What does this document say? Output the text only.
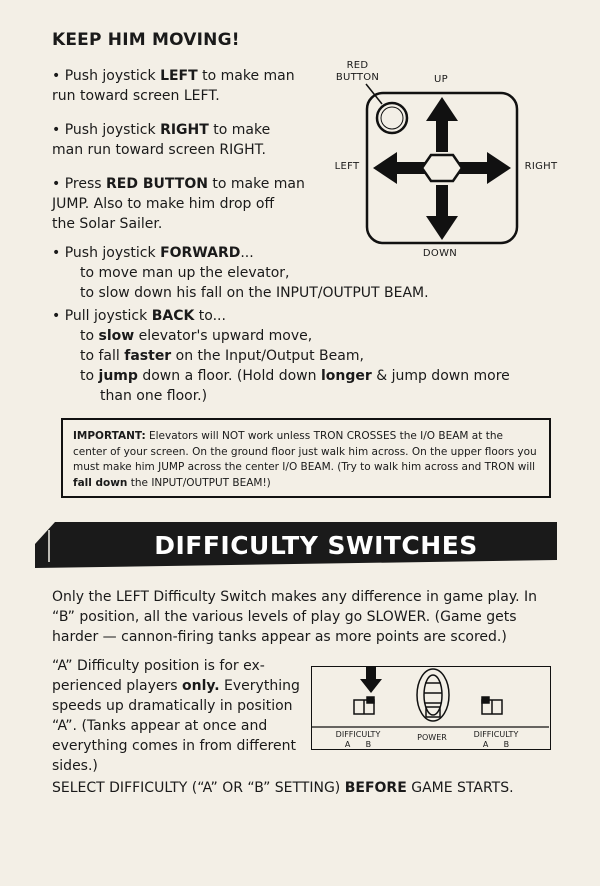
KEEP HIM MOVING!
• Push joystick LEFT to make man
run toward screen LEFT.
• Push joystick RIGHT to make
man run toward screen RIGHT.
• Press RED BUTTON to make man
JUMP. Also to make him drop off
the Solar Sailer.
• Push joystick FORWARD...
to move man up the elevator,
to slow down his fall on the INPUT/OUTPUT BEAM.
• Pull joystick BACK to...
to slow elevator's upward move,
to fall faster on the Input/Output Beam,
to jump down a floor. (Hold down longer & jump down more
than one floor.)
RED
BUTTON	UP
LEFT	RIGHT
DOWN
IMPORTANT: Elevators will NOT work unless TRON CROSSES the I/O BEAM at the center of your screen. On the ground floor just walk him across. On the upper floors you must make him JUMP across the center I/O BEAM. (Try to walk him across and TRON will fall down the INPUT/OUTPUT BEAM!)
DIFFICULTY SWITCHES
Only the LEFT Difficulty Switch makes any difference in game play. In
“B” position, all the various levels of play go SLOWER. (Game gets
harder — cannon-firing tanks appear as more points are scored.)
“A” Difficulty position is for ex-
perienced players only. Everything
speeds up dramatically in position
“A”. (Tanks appear at once and
everything comes in from different
sides.)
DIFFICULTY
A      B
POWER	DIFFICULTY
A      B
SELECT DIFFICULTY (“A” OR “B” SETTING) BEFORE GAME STARTS.
